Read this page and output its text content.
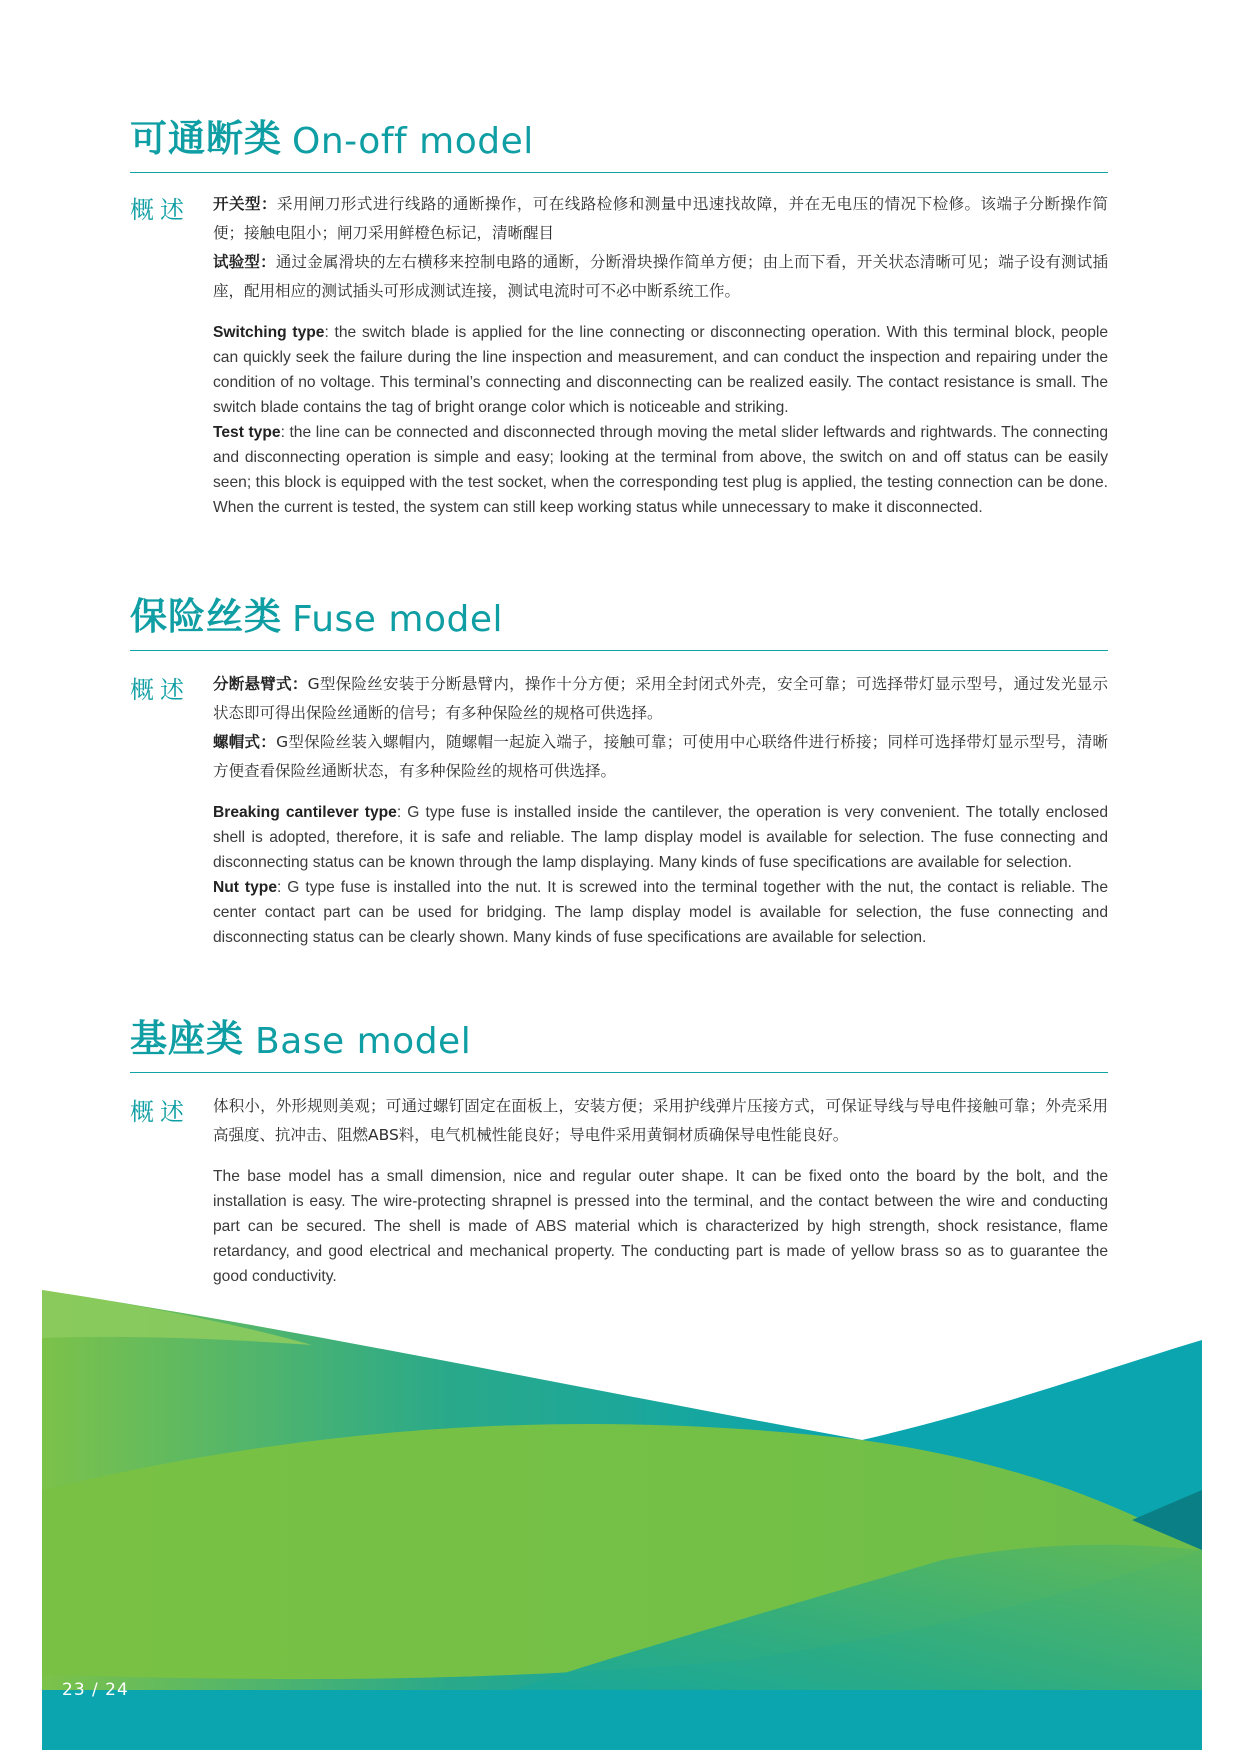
可通断类 On-off model
概述 开关型：采用闸刀形式进行线路的通断操作，可在线路检修和测量中迅速找故障，并在无电压的情况下检修。该端子分断操作简便；接触电阻小；闸刀采用鲜橙色标记，清晰醒目

试验型：通过金属滑块的左右横移来控制电路的通断，分断滑块操作简单方便；由上而下看，开关状态清晰可见；端子设有测试插座，配用相应的测试插头可形成测试连接，测试电流时可不必中断系统工作。

Switching type: the switch blade is applied for the line connecting or disconnecting operation. With this terminal block, people can quickly seek the failure during the line inspection and measurement, and can conduct the inspection and repairing under the condition of no voltage. This terminal’s connecting and disconnecting can be realized easily. The contact resistance is small. The switch blade contains the tag of bright orange color which is noticeable and striking.

Test type: the line can be connected and disconnected through moving the metal slider leftwards and rightwards. The connecting and disconnecting operation is simple and easy; looking at the terminal from above, the switch on and off status can be easily seen; this block is equipped with the test socket, when the corresponding test plug is applied, the testing connection can be done. When the current is tested, the system can still keep working status while unnecessary to make it disconnected.

保险丝类 Fuse model
概述 分断悬臂式：G型保险丝安装于分断悬臂内，操作十分方便；采用全封闭式外壳，安全可靠；可选择带灯显示型号，通过发光显示状态即可得出保险丝通断的信号；有多种保险丝的规格可供选择。

螺帽式：G型保险丝装入螺帽内，随螺帽一起旋入端子，接触可靠；可使用中心联络件进行桥接；同样可选择带灯显示型号，清晰方便查看保险丝通断状态，有多种保险丝的规格可供选择。

Breaking cantilever type: G type fuse is installed inside the cantilever, the operation is very convenient. The totally enclosed shell is adopted, therefore, it is safe and reliable. The lamp display model is available for selection. The fuse connecting and disconnecting status can be known through the lamp displaying. Many kinds of fuse specifications are available for selection.

Nut type: G type fuse is installed into the nut. It is screwed into the terminal together with the nut, the contact is reliable. The center contact part can be used for bridging. The lamp display model is available for selection, the fuse connecting and disconnecting status can be clearly shown. Many kinds of fuse specifications are available for selection.

基座类 Base model
概述 体积小，外形规则美观；可通过螺钉固定在面板上，安装方便；采用护线弹片压接方式，可保证导线与导电件接触可靠；外壳采用高强度、抗冲击、阻燃ABS料，电气机械性能良好；导电件采用黄铜材质确保导电性能良好。

The base model has a small dimension, nice and regular outer shape. It can be fixed onto the board by the bolt, and the installation is easy. The wire-protecting shrapnel is pressed into the terminal, and the contact between the wire and conducting part can be secured. The shell is made of ABS material which is characterized by high strength, shock resistance, flame retardancy, and good electrical and mechanical property. The conducting part is made of yellow brass so as to guarantee the good conductivity.

23 / 24
